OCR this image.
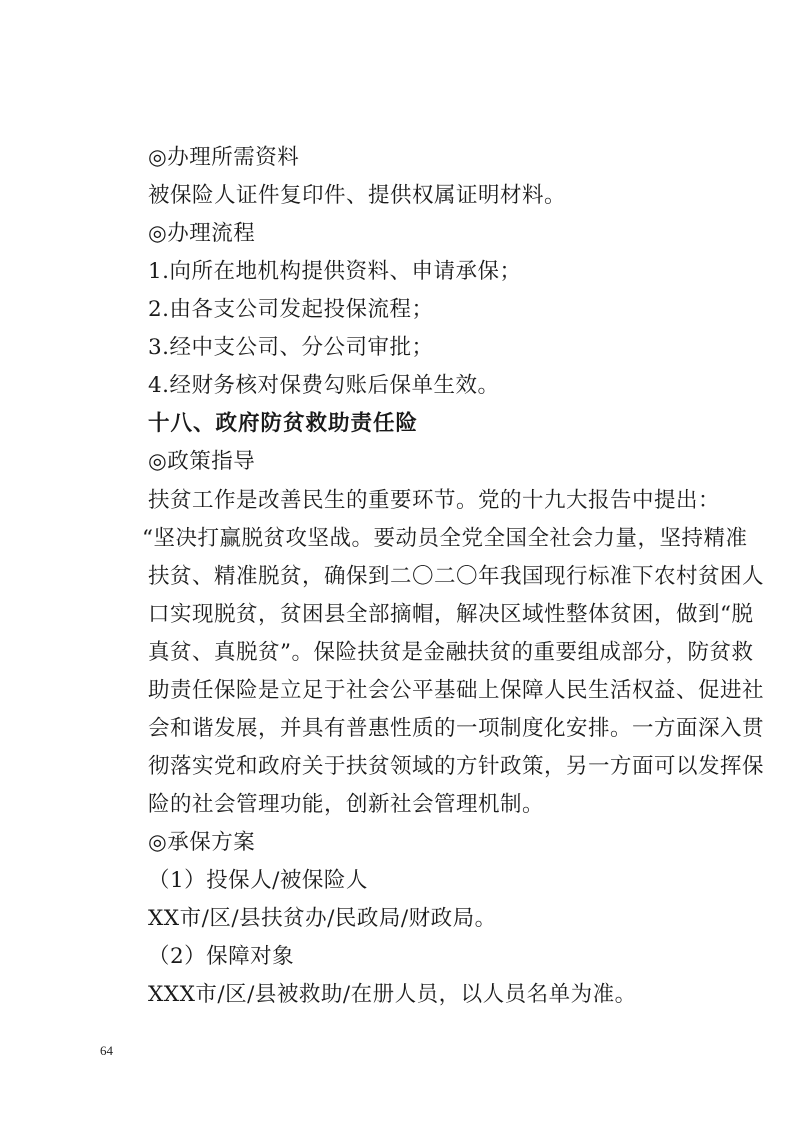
◎办理所需资料
被保险人证件复印件、提供权属证明材料。
◎办理流程
1.向所在地机构提供资料、申请承保；
2.由各支公司发起投保流程；
3.经中支公司、分公司审批；
4.经财务核对保费勾账后保单生效。
十八、政府防贫救助责任险
◎政策指导
扶贫工作是改善民生的重要环节。党的十九大报告中提出：
“坚决打赢脱贫攻坚战。要动员全党全国全社会力量，坚持精准
扶贫、精准脱贫，确保到二〇二〇年我国现行标准下农村贫困人
口实现脱贫，贫困县全部摘帽，解决区域性整体贫困，做到“脱
真贫、真脱贫”。保险扶贫是金融扶贫的重要组成部分，防贫救
助责任保险是立足于社会公平基础上保障人民生活权益、促进社
会和谐发展，并具有普惠性质的一项制度化安排。一方面深入贯
彻落实党和政府关于扶贫领域的方针政策，另一方面可以发挥保
险的社会管理功能，创新社会管理机制。
◎承保方案
（1）投保人/被保险人
XX市/区/县扶贫办/民政局/财政局。
（2）保障对象
XXX市/区/县被救助/在册人员，以人员名单为准。
64
